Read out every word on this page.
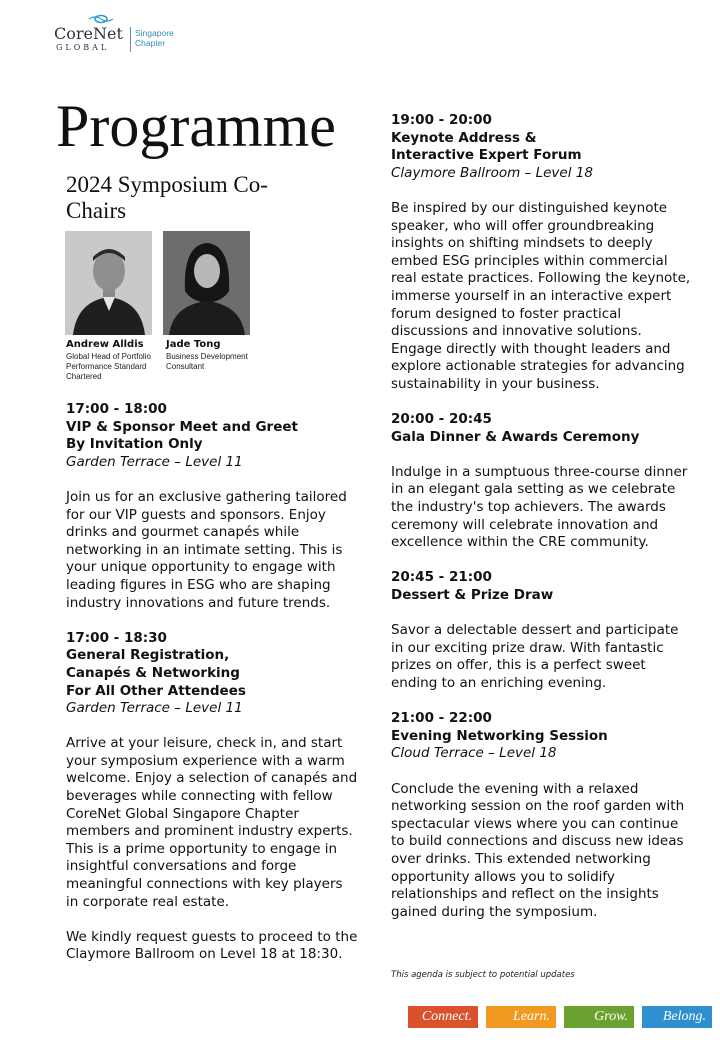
CoreNet
GLOBAL
Singapore
Chapter
Programme
2024 Symposium Co-Chairs
Andrew Alldis
Global Head of Portfolio Performance Standard Chartered
Jade Tong
Business Development Consultant
17:00 - 18:00
VIP & Sponsor Meet and Greet
By Invitation Only
Garden Terrace – Level 11
Join us for an exclusive gathering tailored for our VIP guests and sponsors. Enjoy drinks and gourmet canapés while networking in an intimate setting. This is your unique opportunity to engage with leading figures in ESG who are shaping industry innovations and future trends.
17:00 - 18:30
General Registration,
Canapés & Networking
For All Other Attendees
Garden Terrace – Level 11
Arrive at your leisure, check in, and start your symposium experience with a warm welcome. Enjoy a selection of canapés and beverages while connecting with fellow CoreNet Global Singapore Chapter members and prominent industry experts. This is a prime opportunity to engage in insightful conversations and forge meaningful connections with key players in corporate real estate.
We kindly request guests to proceed to the Claymore Ballroom on Level 18 at 18:30.
19:00 - 20:00
Keynote Address &
Interactive Expert Forum
Claymore Ballroom – Level 18
Be inspired by our distinguished keynote speaker, who will offer groundbreaking insights on shifting mindsets to deeply embed ESG principles within commercial real estate practices. Following the keynote, immerse yourself in an interactive expert forum designed to foster practical discussions and innovative solutions. Engage directly with thought leaders and explore actionable strategies for advancing sustainability in your business.
20:00 - 20:45
Gala Dinner & Awards Ceremony
Indulge in a sumptuous three-course dinner in an elegant gala setting as we celebrate the industry's top achievers. The awards ceremony will celebrate innovation and excellence within the CRE community.
20:45 - 21:00
Dessert & Prize Draw
Savor a delectable dessert and participate in our exciting prize draw. With fantastic prizes on offer, this is a perfect sweet ending to an enriching evening.
21:00 - 22:00
Evening Networking Session
Cloud Terrace – Level 18
Conclude the evening with a relaxed networking session on the roof garden with spectacular views where you can continue to build connections and discuss new ideas over drinks. This extended networking opportunity allows you to solidify relationships and reflect on the insights gained during the symposium.
This agenda is subject to potential updates
Connect.	Learn.	Grow.	Belong.
